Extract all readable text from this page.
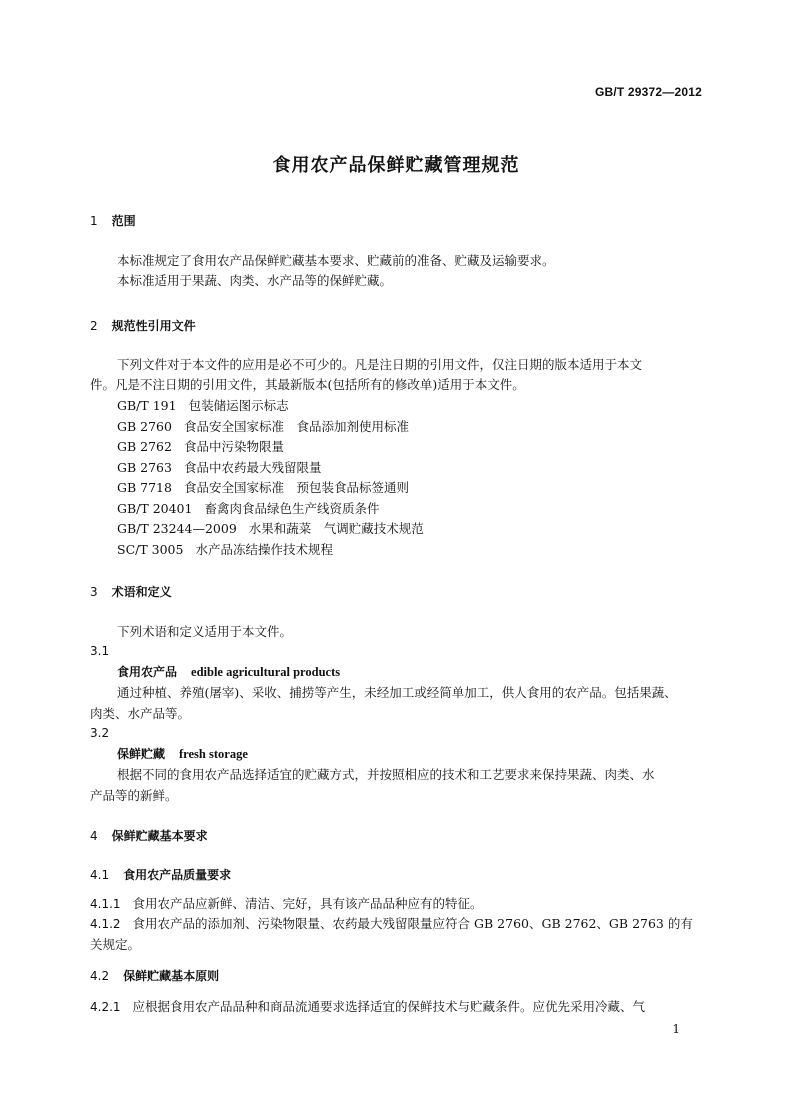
GB/T 29372—2012
食用农产品保鲜贮藏管理规范
1 范围
本标准规定了食用农产品保鲜贮藏基本要求、贮藏前的准备、贮藏及运输要求。
本标准适用于果蔬、肉类、水产品等的保鲜贮藏。
2 规范性引用文件
下列文件对于本文件的应用是必不可少的。凡是注日期的引用文件，仅注日期的版本适用于本文
件。凡是不注日期的引用文件，其最新版本(包括所有的修改单)适用于本文件。
GB/T 191 包装储运图示标志
GB 2760 食品安全国家标准　食品添加剂使用标准
GB 2762 食品中污染物限量
GB 2763 食品中农药最大残留限量
GB 7718 食品安全国家标准　预包装食品标签通则
GB/T 20401 畜禽肉食品绿色生产线资质条件
GB/T 23244—2009 水果和蔬菜　气调贮藏技术规范
SC/T 3005 水产品冻结操作技术规程
3 术语和定义
下列术语和定义适用于本文件。
3.1
食用农产品 edible agricultural products
通过种植、养殖(屠宰)、采收、捕捞等产生，未经加工或经简单加工，供人食用的农产品。包括果蔬、
肉类、水产品等。
3.2
保鲜贮藏 fresh storage
根据不同的食用农产品选择适宜的贮藏方式，并按照相应的技术和工艺要求来保持果蔬、肉类、水
产品等的新鲜。
4 保鲜贮藏基本要求
4.1 食用农产品质量要求
4.1.1 食用农产品应新鲜、清洁、完好，具有该产品品种应有的特征。
4.1.2 食用农产品的添加剂、污染物限量、农药最大残留限量应符合 GB 2760、GB 2762、GB 2763 的有
关规定。
4.2 保鲜贮藏基本原则
4.2.1 应根据食用农产品品种和商品流通要求选择适宜的保鲜技术与贮藏条件。应优先采用冷藏、气
1
